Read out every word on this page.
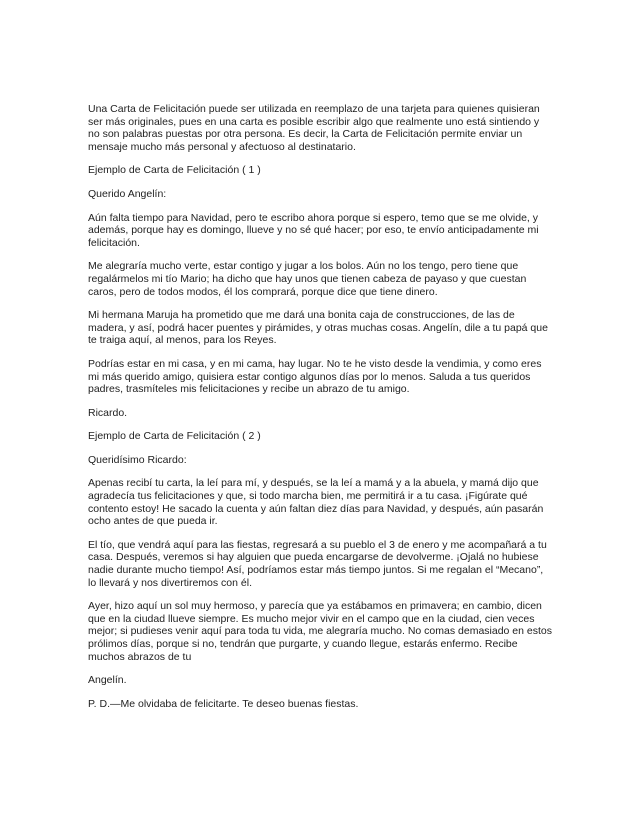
Una Carta de Felicitación puede ser utilizada en reemplazo de una tarjeta para quienes quisieran ser más originales, pues en una carta es posible escribir algo que realmente uno está sintiendo y no son palabras puestas por otra persona. Es decir, la Carta de Felicitación permite enviar un mensaje mucho más personal y afectuoso al destinatario.

Ejemplo de Carta de Felicitación ( 1 )

Querido Angelín:

Aún falta tiempo para Navidad, pero te escribo ahora porque si espero, temo que se me olvide, y además, porque hay es domingo, llueve y no sé qué hacer; por eso, te envío anticipadamente mi felicitación.

Me alegraría mucho verte, estar contigo y jugar a los bolos. Aún no los tengo, pero tiene que regalármelos mi tío Mario; ha dicho que hay unos que tienen cabeza de payaso y que cuestan caros, pero de todos modos, él los comprará, porque dice que tiene dinero.

Mi hermana Maruja ha prometido que me dará una bonita caja de construcciones, de las de madera, y así, podrá hacer puentes y pirámides, y otras muchas cosas. Angelín, dile a tu papá que te traiga aquí, al menos, para los Reyes.

Podrías estar en mi casa, y en mi cama, hay lugar. No te he visto desde la vendimia, y como eres mi más querido amigo, quisiera estar contigo algunos días por lo menos. Saluda a tus queridos padres, trasmíteles mis felicitaciones y recibe un abrazo de tu amigo.

Ricardo.

Ejemplo de Carta de Felicitación ( 2 )

Queridísimo Ricardo:

Apenas recibí tu carta, la leí para mí, y después, se la leí a mamá y a la abuela, y mamá dijo que agradecía tus felicitaciones y que, si todo marcha bien, me permitirá ir a tu casa. ¡Figúrate qué contento estoy! He sacado la cuenta y aún faltan diez días para Navidad, y después, aún pasarán ocho antes de que pueda ir.

El tío, que vendrá aquí para las fiestas, regresará a su pueblo el 3 de enero y me acompañará a tu casa. Después, veremos si hay alguien que pueda encargarse de devolverme. ¡Ojalá no hubiese nadie durante mucho tiempo! Así, podríamos estar más tiempo juntos. Si me regalan el “Mecano”, lo llevará y nos divertiremos con él.

Ayer, hizo aquí un sol muy hermoso, y parecía que ya estábamos en primavera; en cambio, dicen que en la ciudad llueve siempre. Es mucho mejor vivir en el campo que en la ciudad, cien veces mejor; si pudieses venir aquí para toda tu vida, me alegraría mucho. No comas demasiado en estos prólimos días, porque si no, tendrán que purgarte, y cuando llegue, estarás enfermo. Recibe muchos abrazos de tu

Angelín.

P. D.—Me olvidaba de felicitarte. Te deseo buenas fiestas.
